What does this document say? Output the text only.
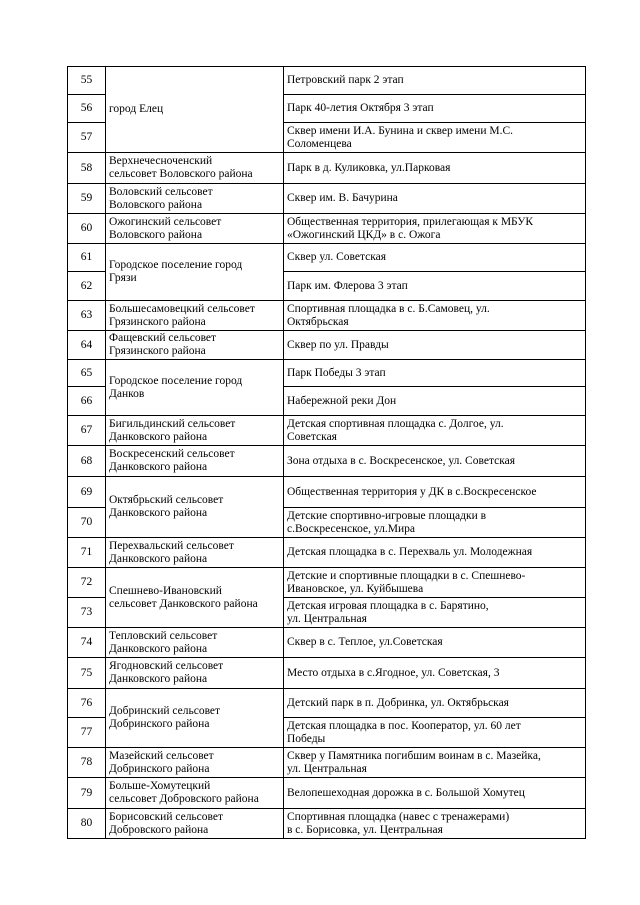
55	город Елец	Петровский парк 2 этап
56		Парк 40-летия Октября 3 этап
57		Сквер имени И.А. Бунина и сквер имени М.С.
Соломенцева
58	Верхнечесноченский
сельсовет Воловского района	Парк в д. Куликовка, ул.Парковая
59	Воловский сельсовет
Воловского района	Сквер им. В. Бачурина
60	Ожогинский сельсовет
Воловского района	Общественная территория, прилегающая к МБУК
«Ожогинский ЦКД» в с. Ожога
61	Городское поселение город
Грязи	Сквер ул. Советская
62		Парк им. Флерова 3 этап
63	Большесамовецкий сельсовет
Грязинского района	Спортивная площадка в с. Б.Самовец, ул.
Октябрьская
64	Фащевский сельсовет
Грязинского района	Сквер по ул. Правды
65	Городское поселение город
Данков	Парк Победы 3 этап
66		Набережной реки Дон
67	Бигильдинский сельсовет
Данковского района	Детская спортивная площадка с. Долгое, ул.
Советская
68	Воскресенский сельсовет
Данковского района	Зона отдыха в с. Воскресенское, ул. Советская
69	Октябрьский сельсовет
Данковского района	Общественная территория у ДК в с.Воскресенское
70		Детские спортивно-игровые площадки в
с.Воскресенское, ул.Мира
71	Перехвальский сельсовет
Данковского района	Детская площадка в с. Перехваль ул. Молодежная
72	Спешнево-Ивановский
сельсовет Данковского района	Детские и спортивные площадки в с. Спешнево-
Ивановское, ул. Куйбышева
73		Детская игровая площадка в с. Барятино,
ул. Центральная
74	Тепловский сельсовет
Данковского района	Сквер в с. Теплое, ул.Советская
75	Ягодновский сельсовет
Данковского района	Место отдыха в с.Ягодное, ул. Советская, 3
76	Добринский сельсовет
Добринского района	Детский парк в п. Добринка, ул. Октябрьская
77		Детская площадка в пос. Кооператор, ул. 60 лет
Победы
78	Мазейский сельсовет
Добринского района	Сквер у Памятника погибшим воинам в с. Мазейка,
ул. Центральная
79	Больше-Хомутецкий
сельсовет Добровского района	Велопешеходная дорожка в с. Большой Хомутец
80	Борисовский сельсовет
Добровского района	Спортивная площадка (навес с тренажерами)
в с. Борисовка, ул. Центральная
